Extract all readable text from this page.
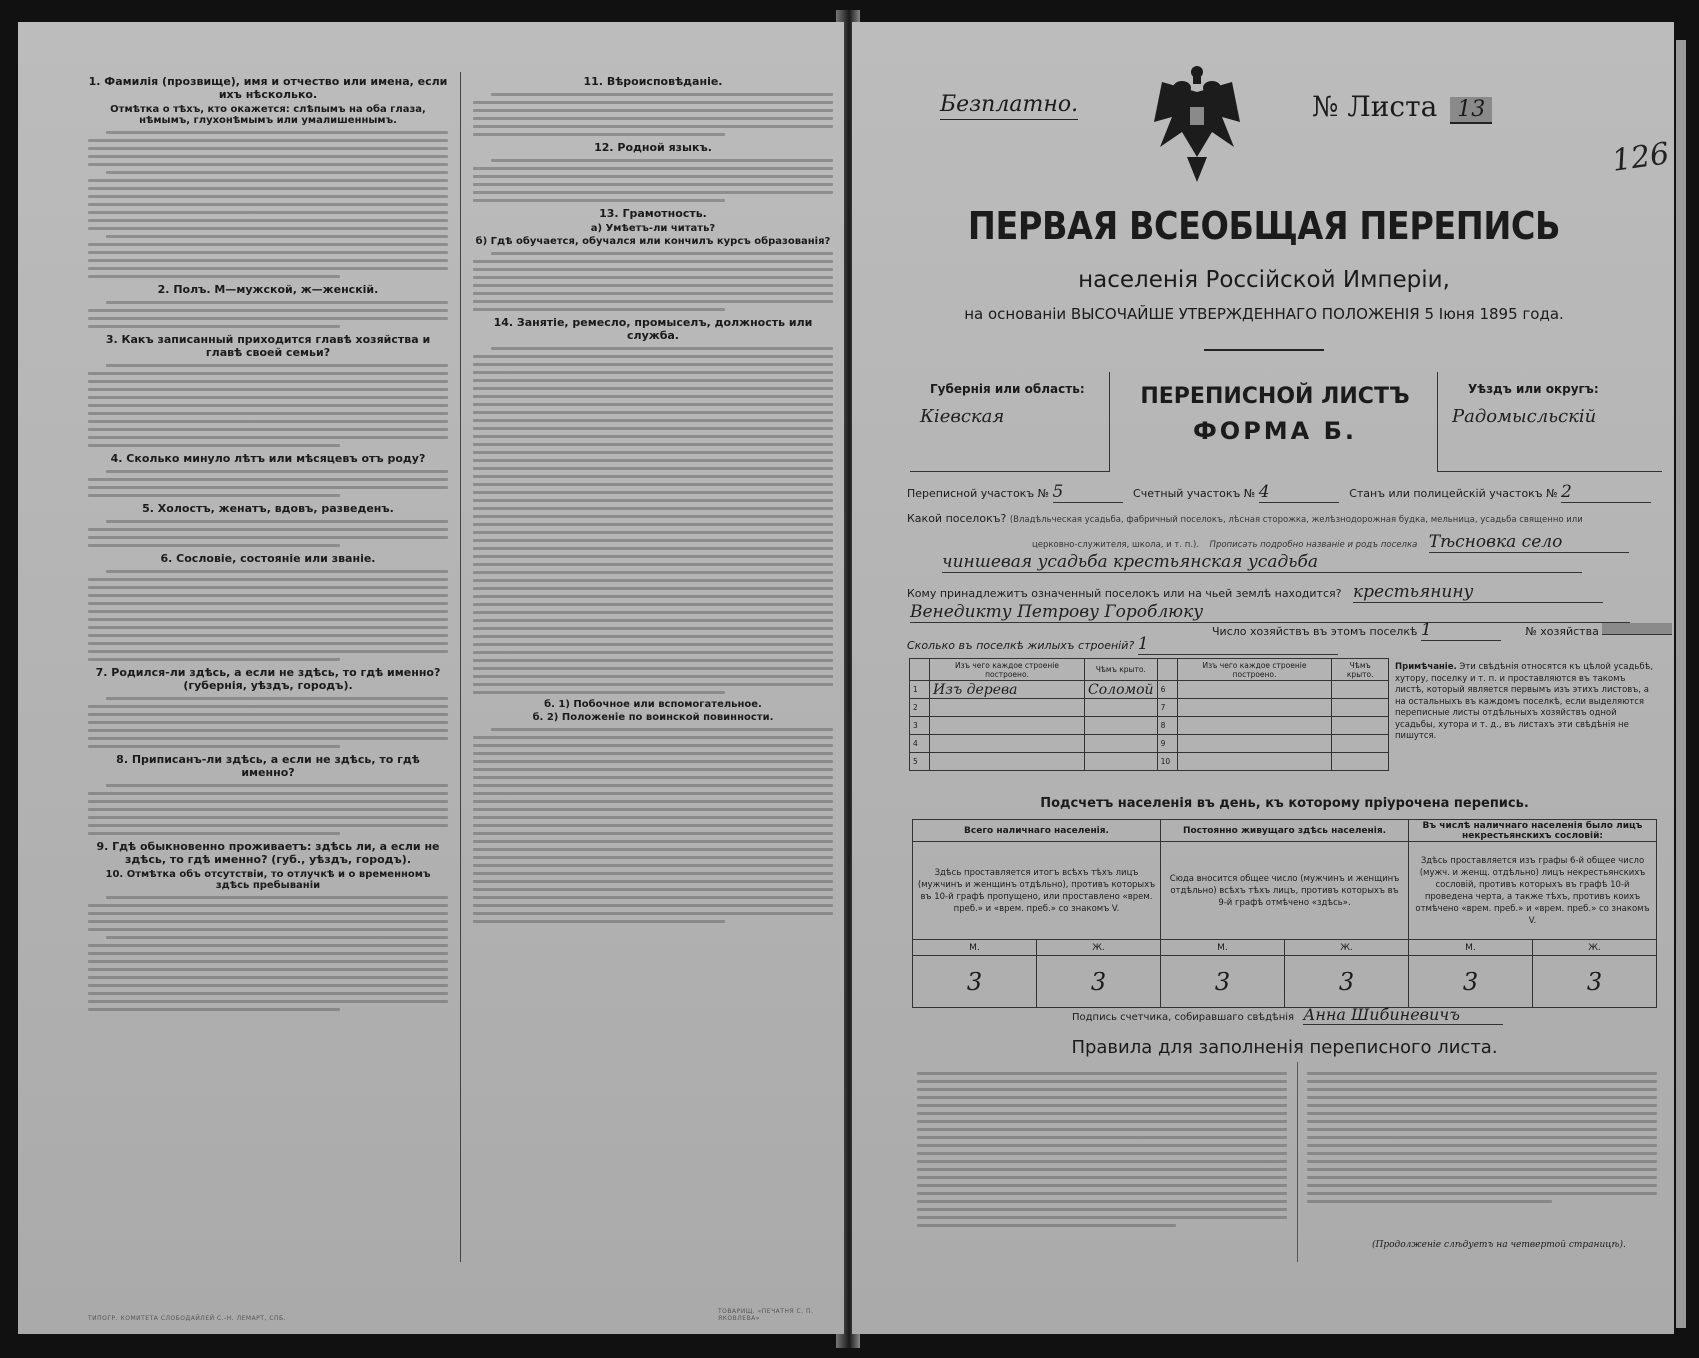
1. Фамилія (прозвище), имя и отчество или имена, если ихъ нѣсколько.
Отмѣтка о тѣхъ, кто окажется: слѣпымъ на оба глаза, нѣмымъ, глухонѣмымъ или умалишеннымъ.
2. Полъ. М—мужской, ж—женскій.
3. Какъ записанный приходится главѣ хозяйства и главѣ своей семьи?
4. Сколько минуло лѣтъ или мѣсяцевъ отъ роду?
5. Холостъ, женатъ, вдовъ, разведенъ.
6. Сословіе, состояніе или званіе.
7. Родился-ли здѣсь, а если не здѣсь, то гдѣ именно? (губернія, уѣздъ, городъ).
8. Приписанъ-ли здѣсь, а если не здѣсь, то гдѣ именно?
9. Гдѣ обыкновенно проживаетъ: здѣсь ли, а если не здѣсь, то гдѣ именно? (губ., уѣздъ, городъ).
10. Отмѣтка объ отсутствіи, то отлучкѣ и о временномъ здѣсь пребываніи
11. Вѣроисповѣданіе.
12. Родной языкъ.
13. Грамотность.
а) Умѣетъ-ли читать?
б) Гдѣ обучается, обучался или кончилъ курсъ образованія?
14. Занятіе, ремесло, промыселъ, должность или служба.
б. 1) Побочное или вспомогательное.
б. 2) Положеніе по воинской повинности.
ТИПОГР. КОМИТЕТА СЛОБОДАЙЛЕЙ С.-Н. ЛЕМАРТ, СПБ.
ТОВАРИЩ. «ПЕЧАТНЯ С. П. ЯКОВЛЕВА»
Безплатно.	№ Листа 13
126
ПЕРВАЯ ВСЕОБЩАЯ ПЕРЕПИСЬ
населенія Россійской Имперіи,
на основаніи ВЫСОЧАЙШЕ УТВЕРЖДЕННАГО ПОЛОЖЕНІЯ 5 Іюня 1895 года.
Губернія или область:
Кіевская
ПЕРЕПИСНОЙ ЛИСТЪ
ФОРМА Б.
Уѣздъ или округъ:
Радомысльскій
Переписной участокъ № 5	Счетный участокъ № 4	Станъ или полицейскій участокъ № 2
Какой поселокъ? (Владѣльческая усадьба, фабричный поселокъ, лѣсная сторожка, желѣзнодорожная будка, мельница, усадьба священно или
церковно-служителя, школа, и т. п.). Прописать подробно названіе и родъ поселка Тѣсновка село
чиншевая усадьба крестьянская усадьба
Кому принадлежитъ означенный поселокъ или на чьей землѣ находится? крестьянину
Венедикту Петрову Гороблюку
Число хозяйствъ въ этомъ поселкѣ 1	№ хозяйства
Сколько въ поселкѣ жилыхъ строеній? 1
	Изъ чего каждое строеніе построено.	Чѣмъ крыто.		Изъ чего каждое строеніе построено.	Чѣмъ крыто.
1	Изъ дерева	Соломой	6		
2			7		
3			8		
4			9		
5			10		
Примѣчаніе. Эти свѣдѣнія относятся къ цѣлой усадьбѣ, хутору, поселку и т. п. и проставляются въ такомъ листѣ, который является первымъ изъ этихъ листовъ, а на остальныхъ въ каждомъ поселкѣ, если выделяются переписные листы отдѣльныхъ хозяйствъ одной усадьбы, хутора и т. д., въ листахъ эти свѣдѣнія не пишутся.
Подсчетъ населенія въ день, къ которому пріурочена перепись.
Всего наличнаго населенія.		Постоянно живущаго здѣсь населенія.		Въ числѣ наличнаго населенія было лицъ некрестьянскихъ сословій:	
Здѣсь проставляется итогъ всѣхъ тѣхъ лицъ (мужчинъ и женщинъ отдѣльно), противъ которыхъ въ 10-й графѣ пропущено, или проставлено «врем. преб.» и «врем. преб.» со знакомъ V.		Сюда вносится общее число (мужчинъ и женщинъ отдѣльно) всѣхъ тѣхъ лицъ, противъ которыхъ въ 9-й графѣ отмѣчено «здѣсь».		Здѣсь проставляется изъ графы 6-й общее число (мужч. и женщ. отдѣльно) лицъ некрестьянскихъ сословій, противъ которыхъ въ графѣ 10-й проведена черта, а также тѣхъ, противъ коихъ отмѣчено «врем. преб.» и «врем. преб.» со знакомъ V.	
М.	Ж.	М.	Ж.	М.	Ж.
3	3	3	3	3	3
Подпись счетчика, собиравшаго свѣдѣнія Анна Шибиневичъ
Правила для заполненія переписного листа.
(Продолженіе слѣдуетъ на четвертой страницѣ).
